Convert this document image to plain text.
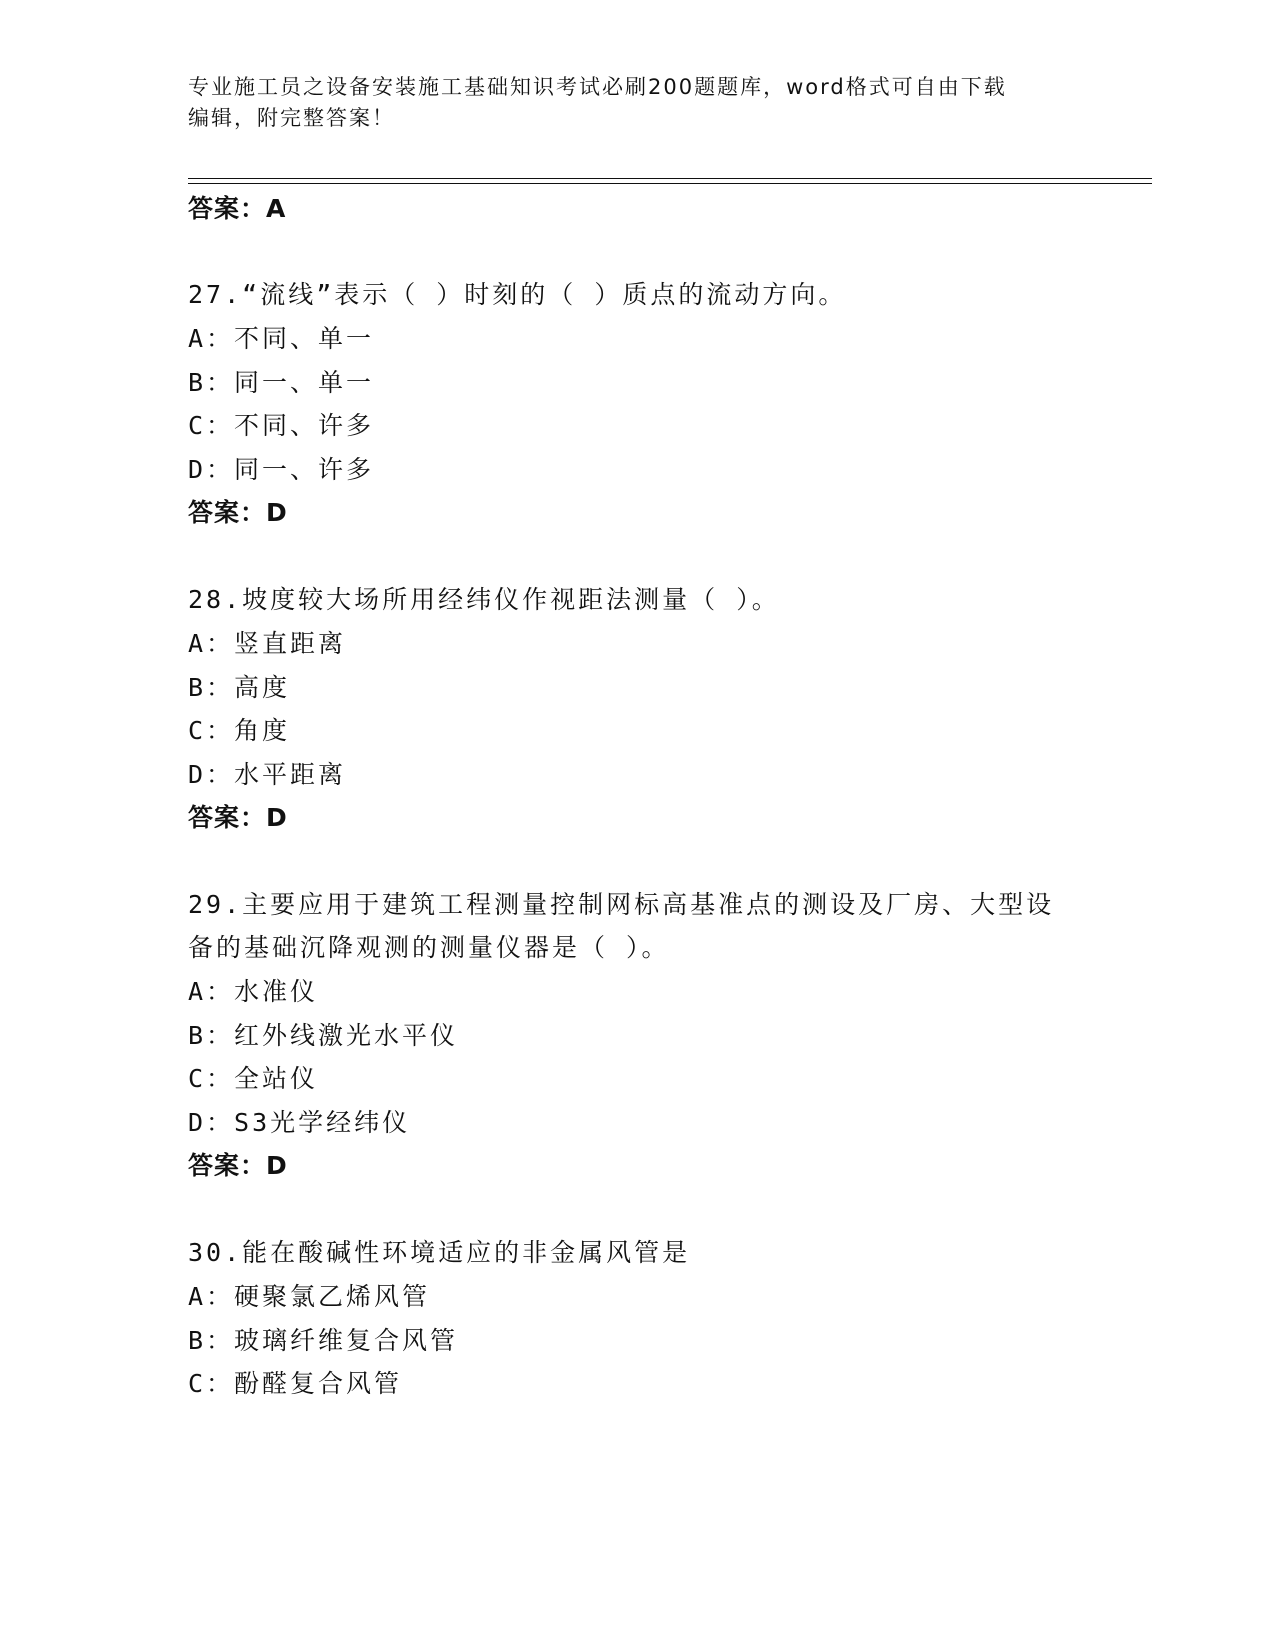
专业施工员之设备安装施工基础知识考试必刷200题题库，word格式可自由下载
编辑，附完整答案！
答案：A
27.“流线”表示（ ）时刻的（ ）质点的流动方向。
A：不同、单一
B：同一、单一
C：不同、许多
D：同一、许多
答案：D
28.坡度较大场所用经纬仪作视距法测量（ ）。
A：竖直距离
B：高度
C：角度
D：水平距离
答案：D
29.主要应用于建筑工程测量控制网标高基准点的测设及厂房、大型设
备的基础沉降观测的测量仪器是（ ）。
A：水准仪
B：红外线激光水平仪
C：全站仪
D：S3光学经纬仪
答案：D
30.能在酸碱性环境适应的非金属风管是
A：硬聚氯乙烯风管
B：玻璃纤维复合风管
C：酚醛复合风管
